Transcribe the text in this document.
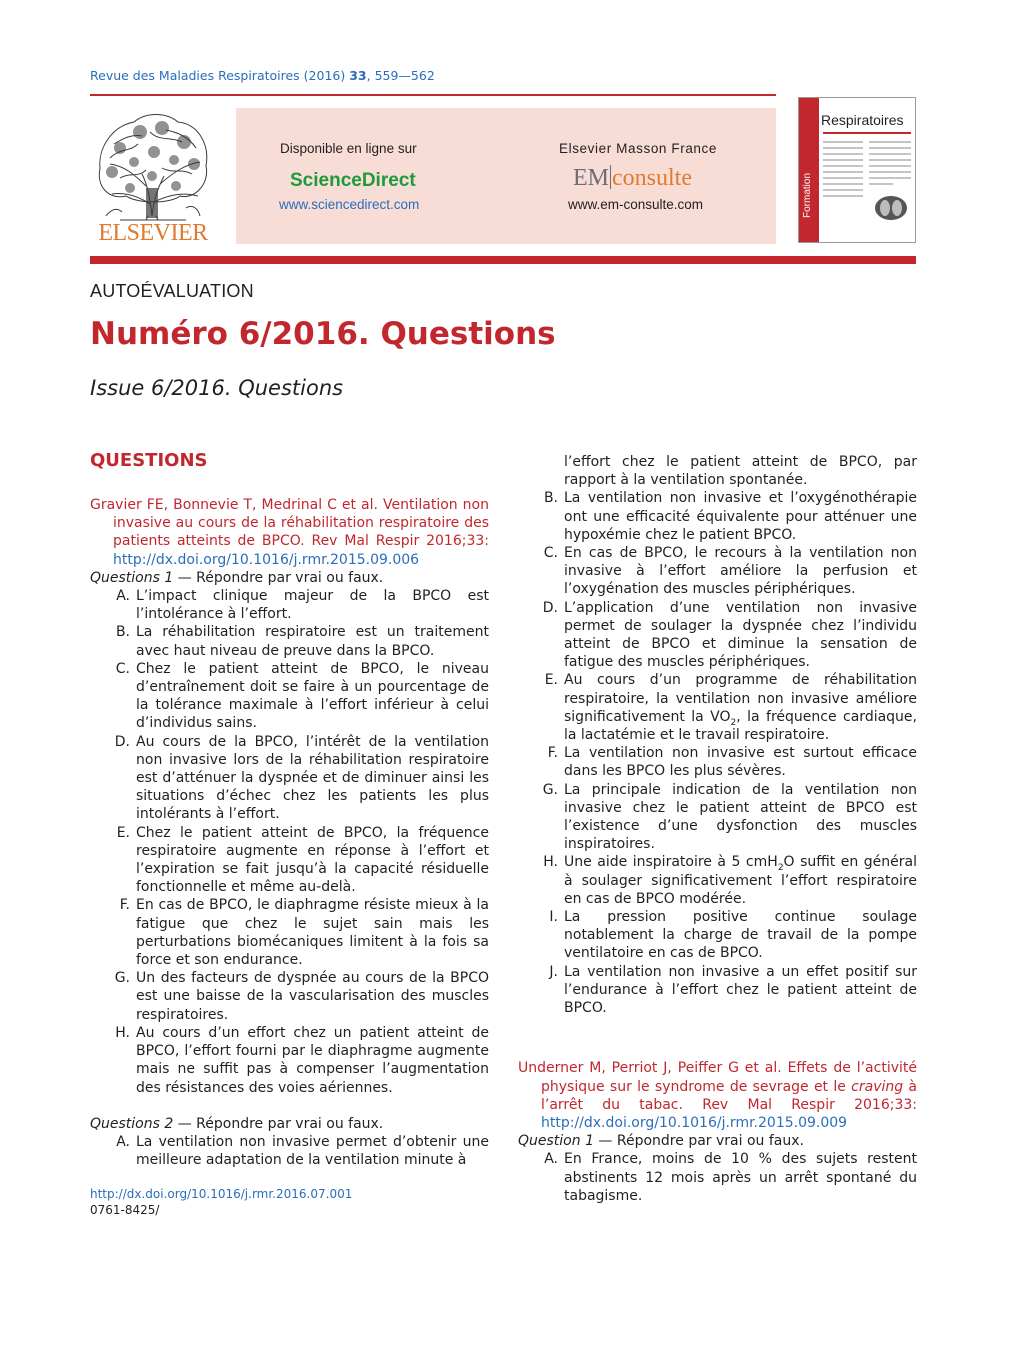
Revue des Maladies Respiratoires (2016) 33, 559—562
ELSEVIER
Disponible en ligne sur
ScienceDirect
www.sciencedirect.com
Elsevier Masson France
EM consulte
www.em-consulte.com	Formation
Respiratoires
AUTOÉVALUATION
Numéro 6/2016. Questions
Issue 6/2016. Questions

QUESTIONS

Gravier FE, Bonnevie T, Medrinal C et al. Ventilation non invasive au cours de la réhabilitation respiratoire des patients atteints de BPCO. Rev Mal Respir 2016;33: http://dx.doi.org/10.1016/j.rmr.2015.09.006

Questions 1 — Répondre par vrai ou faux.

A. L’impact clinique majeur de la BPCO est l’intolérance à l’effort.
B. La réhabilitation respiratoire est un traitement avec haut niveau de preuve dans la BPCO.
C. Chez le patient atteint de BPCO, le niveau d’entraînement doit se faire à un pourcentage de la tolérance maximale à l’effort inférieur à celui d’individus sains.
D. Au cours de la BPCO, l’intérêt de la ventilation non invasive lors de la réhabilitation respiratoire est d’atténuer la dyspnée et de diminuer ainsi les situations d’échec chez les patients les plus intolérants à l’effort.
E. Chez le patient atteint de BPCO, la fréquence respiratoire augmente en réponse à l’effort et l’expiration se fait jusqu’à la capacité résiduelle fonctionnelle et même au-delà.
F. En cas de BPCO, le diaphragme résiste mieux à la fatigue que chez le sujet sain mais les perturbations biomécaniques limitent à la fois sa force et son endurance.
G. Un des facteurs de dyspnée au cours de la BPCO est une baisse de la vascularisation des muscles respiratoires.
H. Au cours d’un effort chez un patient atteint de BPCO, l’effort fourni par le diaphragme augmente mais ne suffit pas à compenser l’augmentation des résistances des voies aériennes.

Questions 2 — Répondre par vrai ou faux.

A. La ventilation non invasive permet d’obtenir une meilleure adaptation de la ventilation minute à
l’effort chez le patient atteint de BPCO, par rapport à la ventilation spontanée.
B. La ventilation non invasive et l’oxygénothérapie ont une efficacité équivalente pour atténuer une hypoxémie chez le patient BPCO.
C. En cas de BPCO, le recours à la ventilation non invasive à l’effort améliore la perfusion et l’oxygénation des muscles périphériques.
D. L’application d’une ventilation non invasive permet de soulager la dyspnée chez l’individu atteint de BPCO et diminue la sensation de fatigue des muscles périphériques.
E. Au cours d’un programme de réhabilitation respiratoire, la ventilation non invasive améliore significativement la $VO_2$, la fréquence cardiaque, la lactatémie et le travail respiratoire.
F. La ventilation non invasive est surtout efficace dans les BPCO les plus sévères.
G. La principale indication de la ventilation non invasive chez le patient atteint de BPCO est l’existence d’une dysfonction des muscles inspiratoires.
H. Une aide inspiratoire à 5 cmH$_2$O suffit en général à soulager significativement l’effort respiratoire en cas de BPCO modérée.
I. La pression positive continue soulage notablement la charge de travail de la pompe ventilatoire en cas de BPCO.
J. La ventilation non invasive a un effet positif sur l’endurance à l’effort chez le patient atteint de BPCO.

Underner M, Perriot J, Peiffer G et al. Effets de l’activité physique sur le syndrome de sevrage et le craving à l’arrêt du tabac. Rev Mal Respir 2016;33: http://dx.doi.org/10.1016/j.rmr.2015.09.009

Question 1 — Répondre par vrai ou faux.

A. En France, moins de 10 % des sujets restent abstinents 12 mois après un arrêt spontané du tabagisme.
http://dx.doi.org/10.1016/j.rmr.2016.07.001
0761-8425/
